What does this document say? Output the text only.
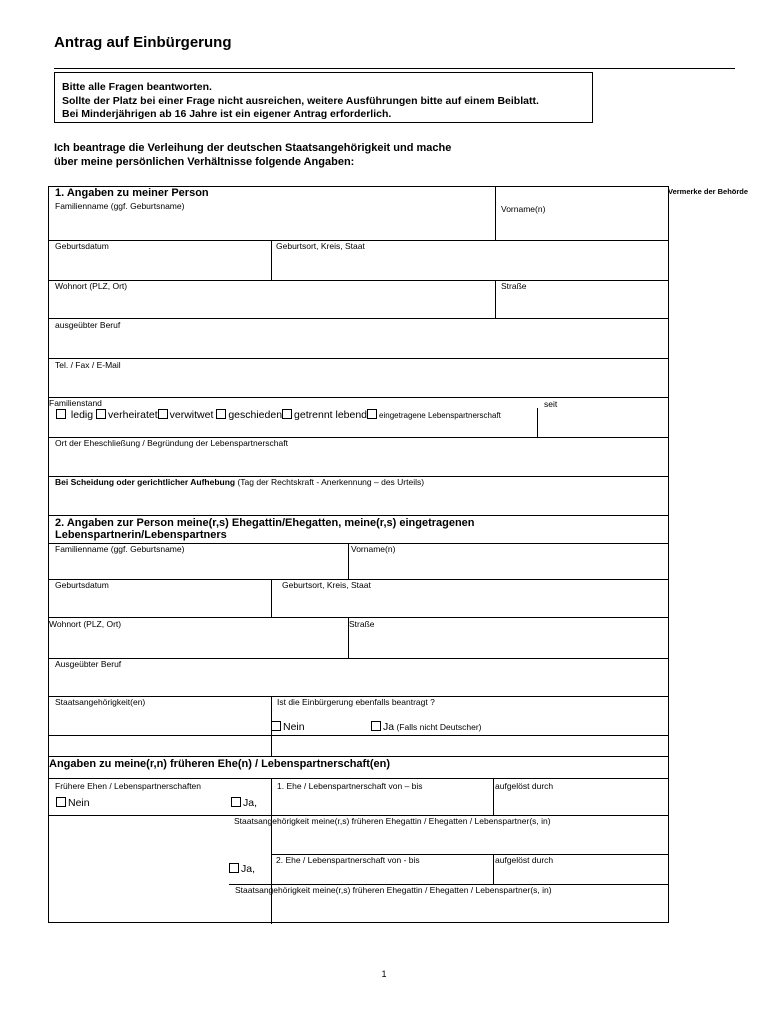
Antrag auf Einbürgerung
Bitte alle Fragen beantworten.
Sollte der Platz bei einer Frage nicht ausreichen, weitere Ausführungen bitte auf einem Beiblatt.
Bei Minderjährigen ab 16 Jahre ist ein eigener Antrag erforderlich.
Ich beantrage die Verleihung der deutschen Staatsangehörigkeit und mache
über meine persönlichen Verhältnisse folgende Angaben:
Vermerke der Behörde
1. Angaben zu meiner Person
Familienname (ggf. Geburtsname)	Vorname(n)
Geburtsdatum	Geburtsort, Kreis, Staat
Wohnort (PLZ, Ort)	Straße
ausgeübter Beruf
Tel. / Fax / E-Mail
Familienstand	seit
ledig verheiratet verwitwet geschieden getrennt lebend eingetragene Lebenspartnerschaft
Ort der Eheschließung / Begründung der Lebenspartnerschaft
Bei Scheidung oder gerichtlicher Aufhebung (Tag der Rechtskraft - Anerkennung – des Urteils)
2. Angaben zur Person meine(r,s) Ehegattin/Ehegatten, meine(r,s) eingetragenen
Lebenspartnerin/Lebenspartners
Familienname (ggf. Geburtsname)	Vorname(n)
Geburtsdatum	Geburtsort, Kreis, Staat
Wohnort (PLZ, Ort)	Straße
Ausgeübter Beruf
Staatsangehörigkeit(en)	Ist die Einbürgerung ebenfalls beantragt ?
Nein	Ja (Falls nicht Deutscher)
Angaben zu meine(r,n) früheren Ehe(n) / Lebenspartnerschaft(en)
Frühere Ehen / Lebenspartnerschaften	1. Ehe / Lebenspartnerschaft von – bis	aufgelöst durch
Nein	Ja,
Staatsangehörigkeit meine(r,s) früheren Ehegattin / Ehegatten / Lebenspartner(s, in)
2. Ehe / Lebenspartnerschaft von - bis	aufgelöst durch
Ja,
Staatsangehörigkeit meine(r,s) früheren Ehegattin / Ehegatten / Lebenspartner(s, in)
1
